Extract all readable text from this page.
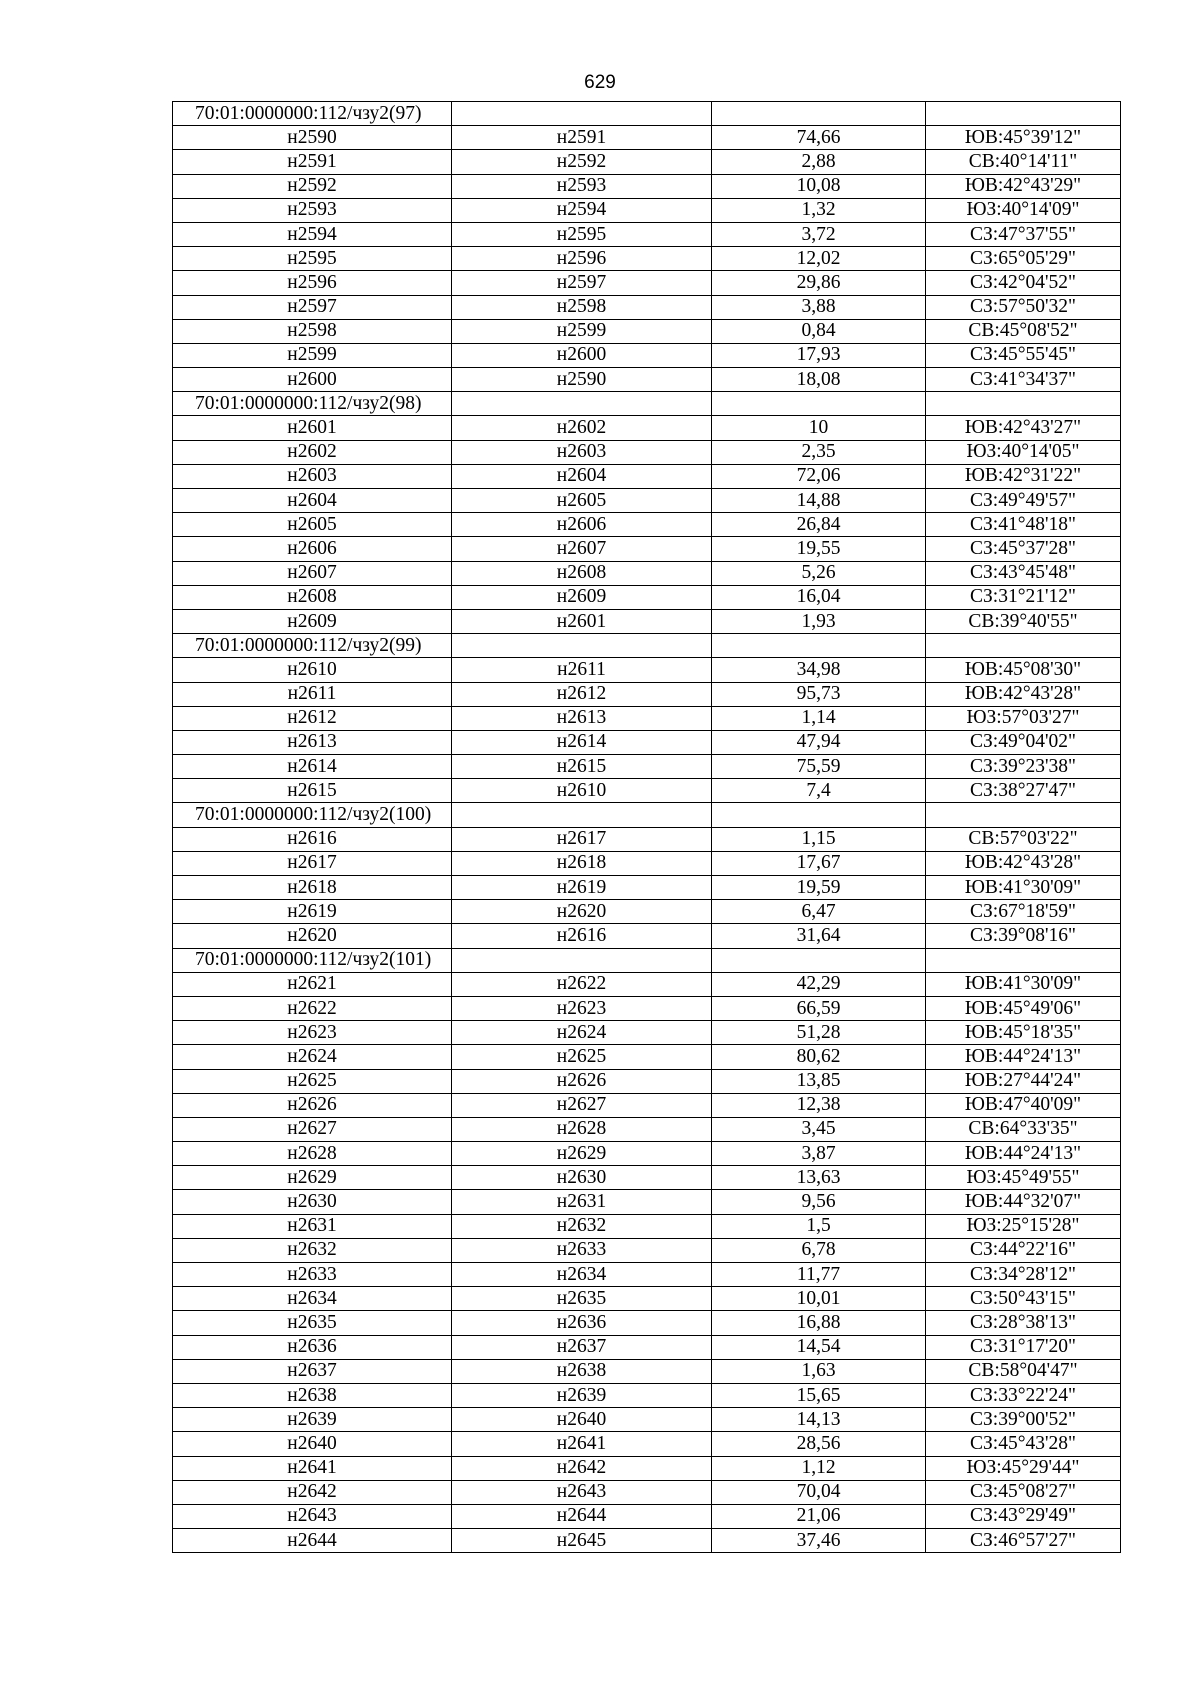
629
70:01:0000000:112/чзу2(97)			
н2590	н2591	74,66	ЮВ:45°39'12"
н2591	н2592	2,88	СВ:40°14'11"
н2592	н2593	10,08	ЮВ:42°43'29"
н2593	н2594	1,32	ЮЗ:40°14'09"
н2594	н2595	3,72	СЗ:47°37'55"
н2595	н2596	12,02	СЗ:65°05'29"
н2596	н2597	29,86	СЗ:42°04'52"
н2597	н2598	3,88	СЗ:57°50'32"
н2598	н2599	0,84	СВ:45°08'52"
н2599	н2600	17,93	СЗ:45°55'45"
н2600	н2590	18,08	СЗ:41°34'37"
70:01:0000000:112/чзу2(98)			
н2601	н2602	10	ЮВ:42°43'27"
н2602	н2603	2,35	ЮЗ:40°14'05"
н2603	н2604	72,06	ЮВ:42°31'22"
н2604	н2605	14,88	СЗ:49°49'57"
н2605	н2606	26,84	СЗ:41°48'18"
н2606	н2607	19,55	СЗ:45°37'28"
н2607	н2608	5,26	СЗ:43°45'48"
н2608	н2609	16,04	СЗ:31°21'12"
н2609	н2601	1,93	СВ:39°40'55"
70:01:0000000:112/чзу2(99)			
н2610	н2611	34,98	ЮВ:45°08'30"
н2611	н2612	95,73	ЮВ:42°43'28"
н2612	н2613	1,14	ЮЗ:57°03'27"
н2613	н2614	47,94	СЗ:49°04'02"
н2614	н2615	75,59	СЗ:39°23'38"
н2615	н2610	7,4	СЗ:38°27'47"
70:01:0000000:112/чзу2(100)			
н2616	н2617	1,15	СВ:57°03'22"
н2617	н2618	17,67	ЮВ:42°43'28"
н2618	н2619	19,59	ЮВ:41°30'09"
н2619	н2620	6,47	СЗ:67°18'59"
н2620	н2616	31,64	СЗ:39°08'16"
70:01:0000000:112/чзу2(101)			
н2621	н2622	42,29	ЮВ:41°30'09"
н2622	н2623	66,59	ЮВ:45°49'06"
н2623	н2624	51,28	ЮВ:45°18'35"
н2624	н2625	80,62	ЮВ:44°24'13"
н2625	н2626	13,85	ЮВ:27°44'24"
н2626	н2627	12,38	ЮВ:47°40'09"
н2627	н2628	3,45	СВ:64°33'35"
н2628	н2629	3,87	ЮВ:44°24'13"
н2629	н2630	13,63	ЮЗ:45°49'55"
н2630	н2631	9,56	ЮВ:44°32'07"
н2631	н2632	1,5	ЮЗ:25°15'28"
н2632	н2633	6,78	СЗ:44°22'16"
н2633	н2634	11,77	СЗ:34°28'12"
н2634	н2635	10,01	СЗ:50°43'15"
н2635	н2636	16,88	СЗ:28°38'13"
н2636	н2637	14,54	СЗ:31°17'20"
н2637	н2638	1,63	СВ:58°04'47"
н2638	н2639	15,65	СЗ:33°22'24"
н2639	н2640	14,13	СЗ:39°00'52"
н2640	н2641	28,56	СЗ:45°43'28"
н2641	н2642	1,12	ЮЗ:45°29'44"
н2642	н2643	70,04	СЗ:45°08'27"
н2643	н2644	21,06	СЗ:43°29'49"
н2644	н2645	37,46	СЗ:46°57'27"
